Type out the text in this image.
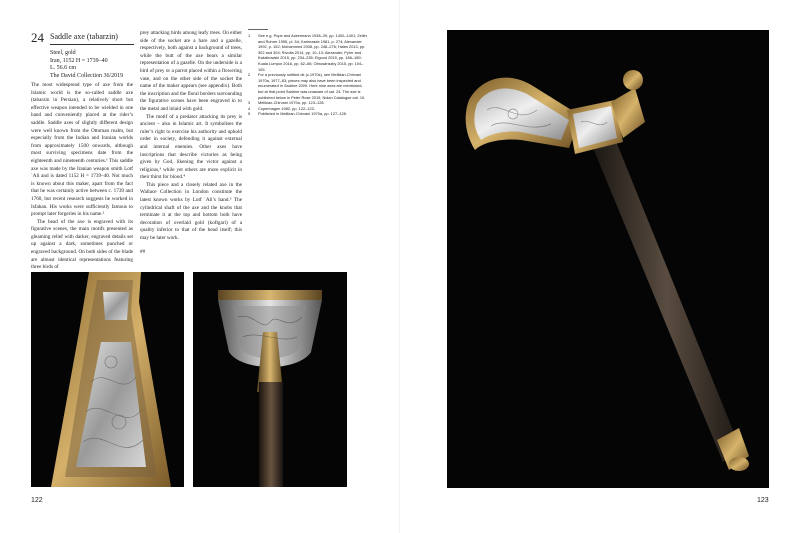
24 Saddle axe (tabarzin)
Steel, gold
Iran, 1152 H = 1739–40
L. 56.6 cm
The David Collection 36/2019

The most widespread type of axe from the Islamic world is the so-called saddle axe (tabarzin in Persian), a relatively short but effective weapon intended to be wielded in one hand and conveniently placed at the rider’s saddle. Saddle axes of slightly different design were well known from the Ottoman realm, but especially from the Indian and Iranian worlds from approximately 1500 onwards, although most surviving specimens date from the eighteenth and nineteenth centuries.¹ This saddle axe was made by the Iranian weapon smith Lotf ʿAli and is dated 1152 H = 1739–40. Not much is known about this maker, apart from the fact that he was certainly active between c. 1739 and 1760, but recent research suggests he worked in Isfahan. His works were sufficiently famous to prompt later forgeries in his name.²

The head of the axe is engraved with its figurative scenes, the main motifs presented as gleaming relief with darker, engraved details set up against a dark, sometimes punched or engraved background. On both sides of the blade are almost identical representations featuring three birds of

prey attacking birds among leafy trees. On either side of the socket are a hare and a gazelle, respectively, both against a background of trees, while the butt of the axe bears a similar representation of a gazelle. On the underside is a bird of prey or a parrot placed within a flowering vase, and on the other side of the socket the name of the maker appears (see appendix). Both the inscription and the floral borders surrounding the figurative scenes have been engraved in to the metal and inlaid with gold.

The motif of a predator attacking its prey is ancient – also in Islamic art. It symbolises the ruler’s right to exercise his authority and uphold order in society, defending it against external and internal enemies. Other axes have inscriptions that describe victories as being given by God, likening the victor against a religious,³ while yet others are more explicit in their thirst for blood.⁴

This piece and a closely related axe in the Wallace Collection in London constitute the latest known works by Lotf ʿAli’s hand.⁵ The cylindrical shaft of the axe and the knobs that terminate it at the top and bottom both have decoration of overlaid gold (koftgari) of a quality inferior to that of the head itself; this may be later work.

##
1	See e.g. Pope and Ackermann 1938–39, pp. 1400–1401; Zeller and Rohrer 1955, pl. 54; Karimzade 1981, p. 274; Alexander 1992, p. 152; Mohammed 2008, pp. 248–276; Hales 2013, pp. 302 and 304; Rivolta 2014, pp. 10–13; Alexander, Pyhrr and Kwiatkowski 2015, pp. 234–235; Elgood 2015, pp. 186–189; Kuala Lumpur 2016, pp. 62–66; Obrusánszky 2015, pp. 104–105.
2	For a previously untitled dk (c.1970s), see Melikian-Chirvani 1970a, 1977–83; pieces may also have been inspected and enumerated in Sadrine 2009. Here nine axes are mentioned, but at that point Sadrine was unaware of cat. 24. The axe is published below in Peter Rose 2019, Nolan Catalogue cat. 10.
3	Melikian-Chirvani 1979a, pp. 123–128.
4	Copenhagen 1982, pp. 122–123.
5	Published in Melikian-Chirvani 1979a, pp. 127–128.
122	123
